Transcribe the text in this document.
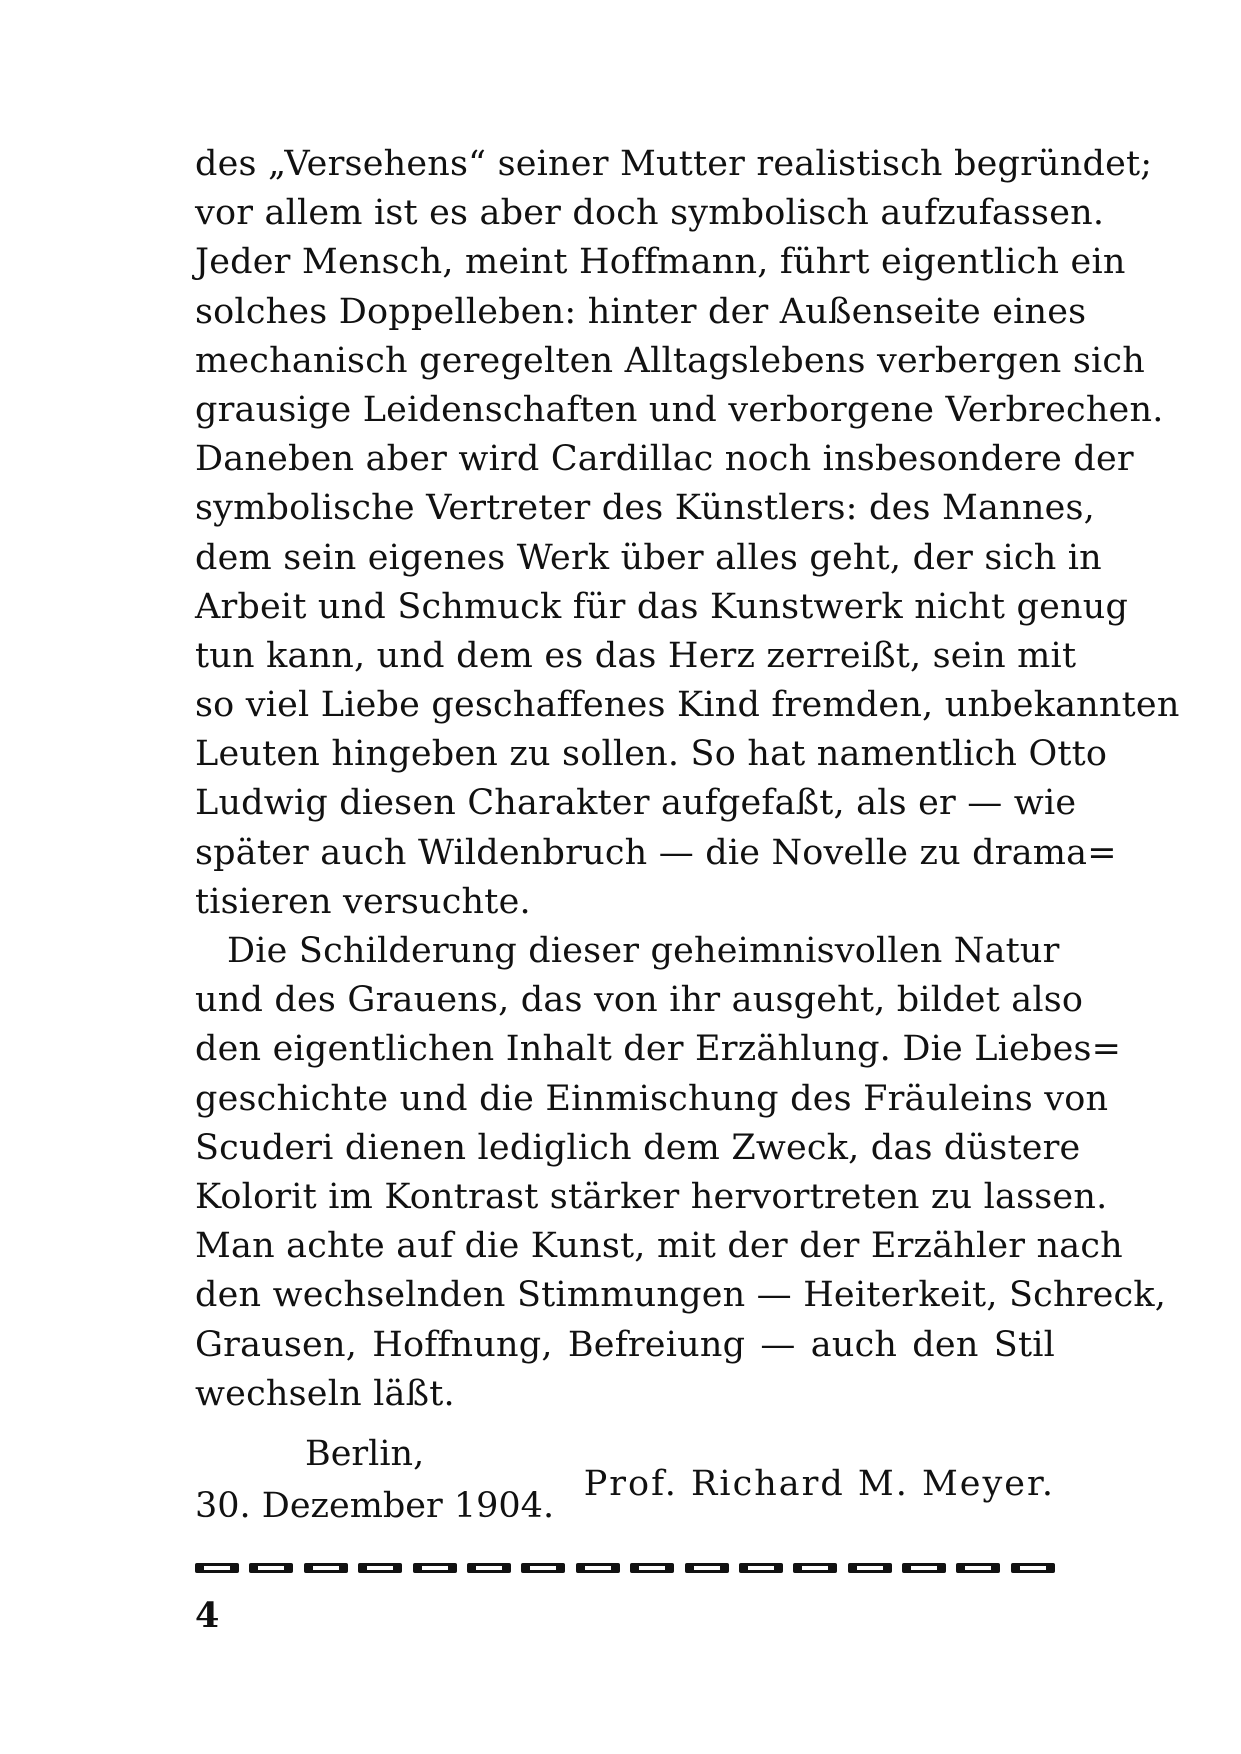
des „Versehens“ seiner Mutter realistisch begründet;
vor allem ist es aber doch symbolisch aufzufassen.
Jeder Mensch, meint Hoffmann, führt eigentlich ein
solches Doppelleben: hinter der Außenseite eines
mechanisch geregelten Alltagslebens verbergen sich
grausige Leidenschaften und verborgene Verbrechen.
Daneben aber wird Cardillac noch insbesondere der
symbolische Vertreter des Künstlers: des Mannes,
dem sein eigenes Werk über alles geht, der sich in
Arbeit und Schmuck für das Kunstwerk nicht genug
tun kann, und dem es das Herz zerreißt, sein mit
so viel Liebe geschaffenes Kind fremden, unbekannten
Leuten hingeben zu sollen. So hat namentlich Otto
Ludwig diesen Charakter aufgefaßt, als er — wie
später auch Wildenbruch — die Novelle zu drama=
tisieren versuchte.
Die Schilderung dieser geheimnisvollen Natur
und des Grauens, das von ihr ausgeht, bildet also
den eigentlichen Inhalt der Erzählung. Die Liebes=
geschichte und die Einmischung des Fräuleins von
Scuderi dienen lediglich dem Zweck, das düstere
Kolorit im Kontrast stärker hervortreten zu lassen.
Man achte auf die Kunst, mit der der Erzähler nach
den wechselnden Stimmungen — Heiterkeit, Schreck,
Grausen, Hoffnung, Befreiung — auch den Stil
wechseln läßt.
Berlin,
30. Dezember 1904.
Prof. Richard M. Meyer.
4
